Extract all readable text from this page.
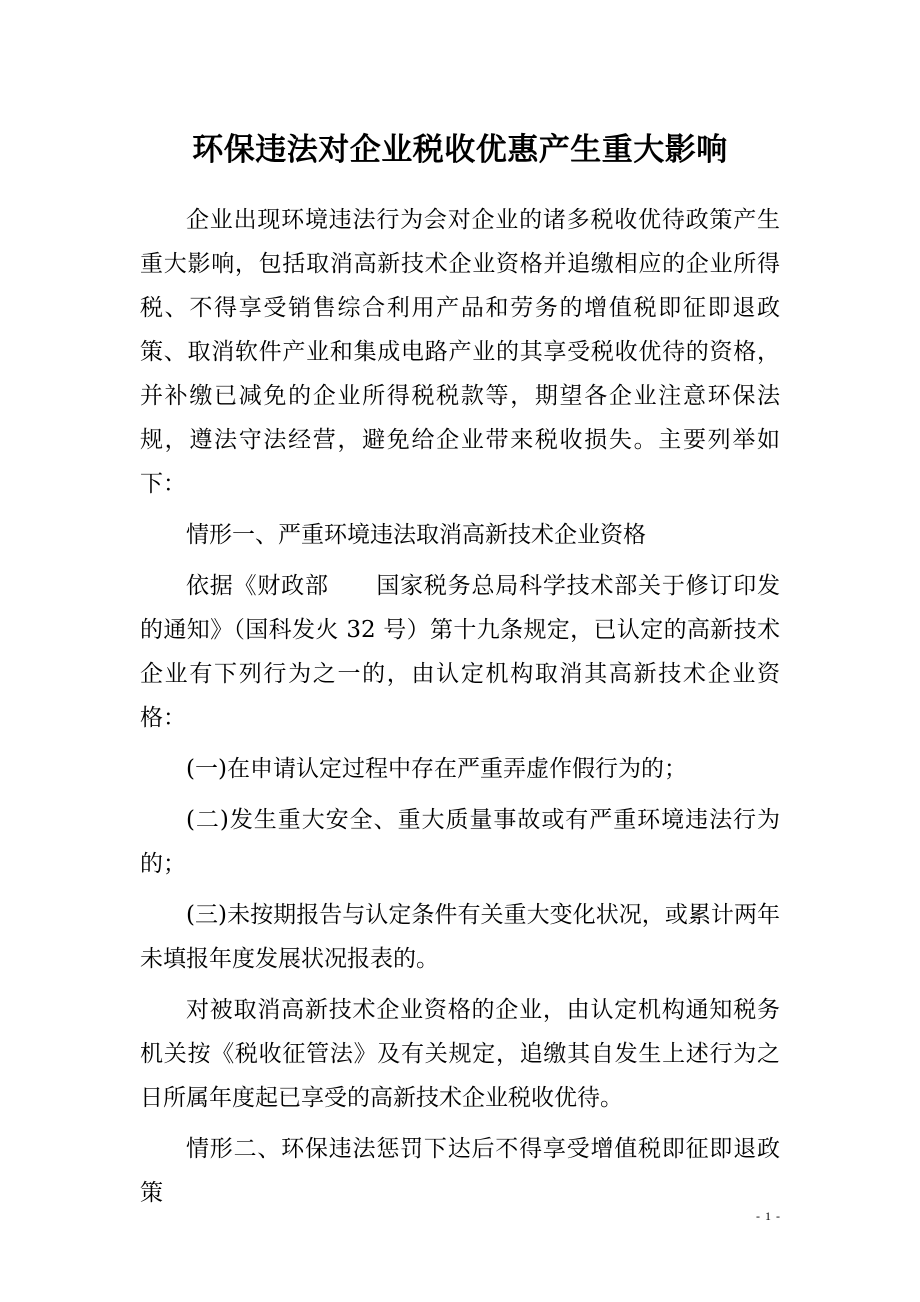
环保违法对企业税收优惠产生重大影响

企业出现环境违法行为会对企业的诸多税收优待政策产生重大影响，包括取消高新技术企业资格并追缴相应的企业所得税、不得享受销售综合利用产品和劳务的增值税即征即退政策、取消软件产业和集成电路产业的其享受税收优待的资格，并补缴已减免的企业所得税税款等，期望各企业注意环保法规，遵法守法经营，避免给企业带来税收损失。主要列举如下：

情形一、严重环境违法取消高新技术企业资格

依据《财政部　　国家税务总局科学技术部关于修订印发的通知》（国科发火 32 号）第十九条规定，已认定的高新技术企业有下列行为之一的，由认定机构取消其高新技术企业资格：

(一)在申请认定过程中存在严重弄虚作假行为的；

(二)发生重大安全、重大质量事故或有严重环境违法行为的；

(三)未按期报告与认定条件有关重大变化状况，或累计两年未填报年度发展状况报表的。

对被取消高新技术企业资格的企业，由认定机构通知税务机关按《税收征管法》及有关规定，追缴其自发生上述行为之日所属年度起已享受的高新技术企业税收优待。

情形二、环保违法惩罚下达后不得享受增值税即征即退政策

- 1 -
